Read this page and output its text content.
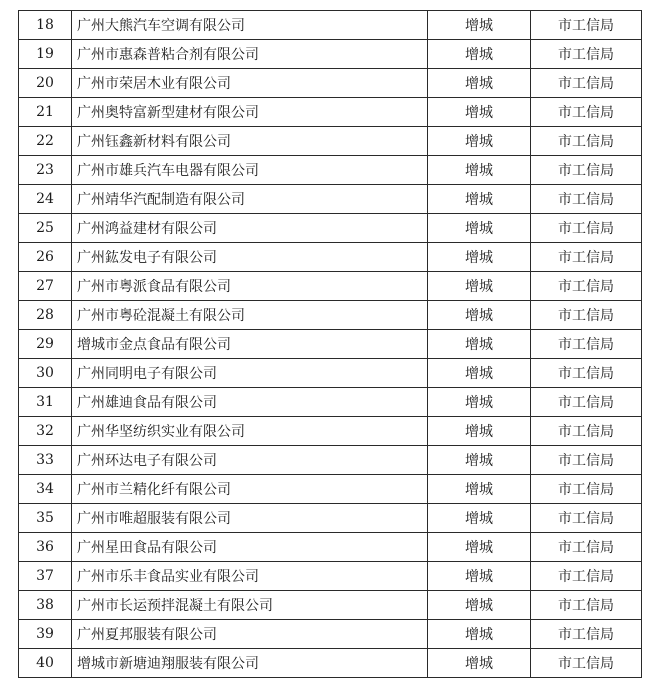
18	广州大熊汽车空调有限公司	增城	市工信局
19	广州市惠森普粘合剂有限公司	增城	市工信局
20	广州市荣居木业有限公司	增城	市工信局
21	广州奥特富新型建材有限公司	增城	市工信局
22	广州钰鑫新材料有限公司	增城	市工信局
23	广州市雄兵汽车电器有限公司	增城	市工信局
24	广州靖华汽配制造有限公司	增城	市工信局
25	广州鸿益建材有限公司	增城	市工信局
26	广州鈜发电子有限公司	增城	市工信局
27	广州市粤派食品有限公司	增城	市工信局
28	广州市粤砼混凝土有限公司	增城	市工信局
29	增城市金点食品有限公司	增城	市工信局
30	广州同明电子有限公司	增城	市工信局
31	广州雄迪食品有限公司	增城	市工信局
32	广州华坚纺织实业有限公司	增城	市工信局
33	广州环达电子有限公司	增城	市工信局
34	广州市兰精化纤有限公司	增城	市工信局
35	广州市唯超服装有限公司	增城	市工信局
36	广州星田食品有限公司	增城	市工信局
37	广州市乐丰食品实业有限公司	增城	市工信局
38	广州市长运预拌混凝土有限公司	增城	市工信局
39	广州夏邦服装有限公司	增城	市工信局
40	增城市新塘迪翔服装有限公司	增城	市工信局
